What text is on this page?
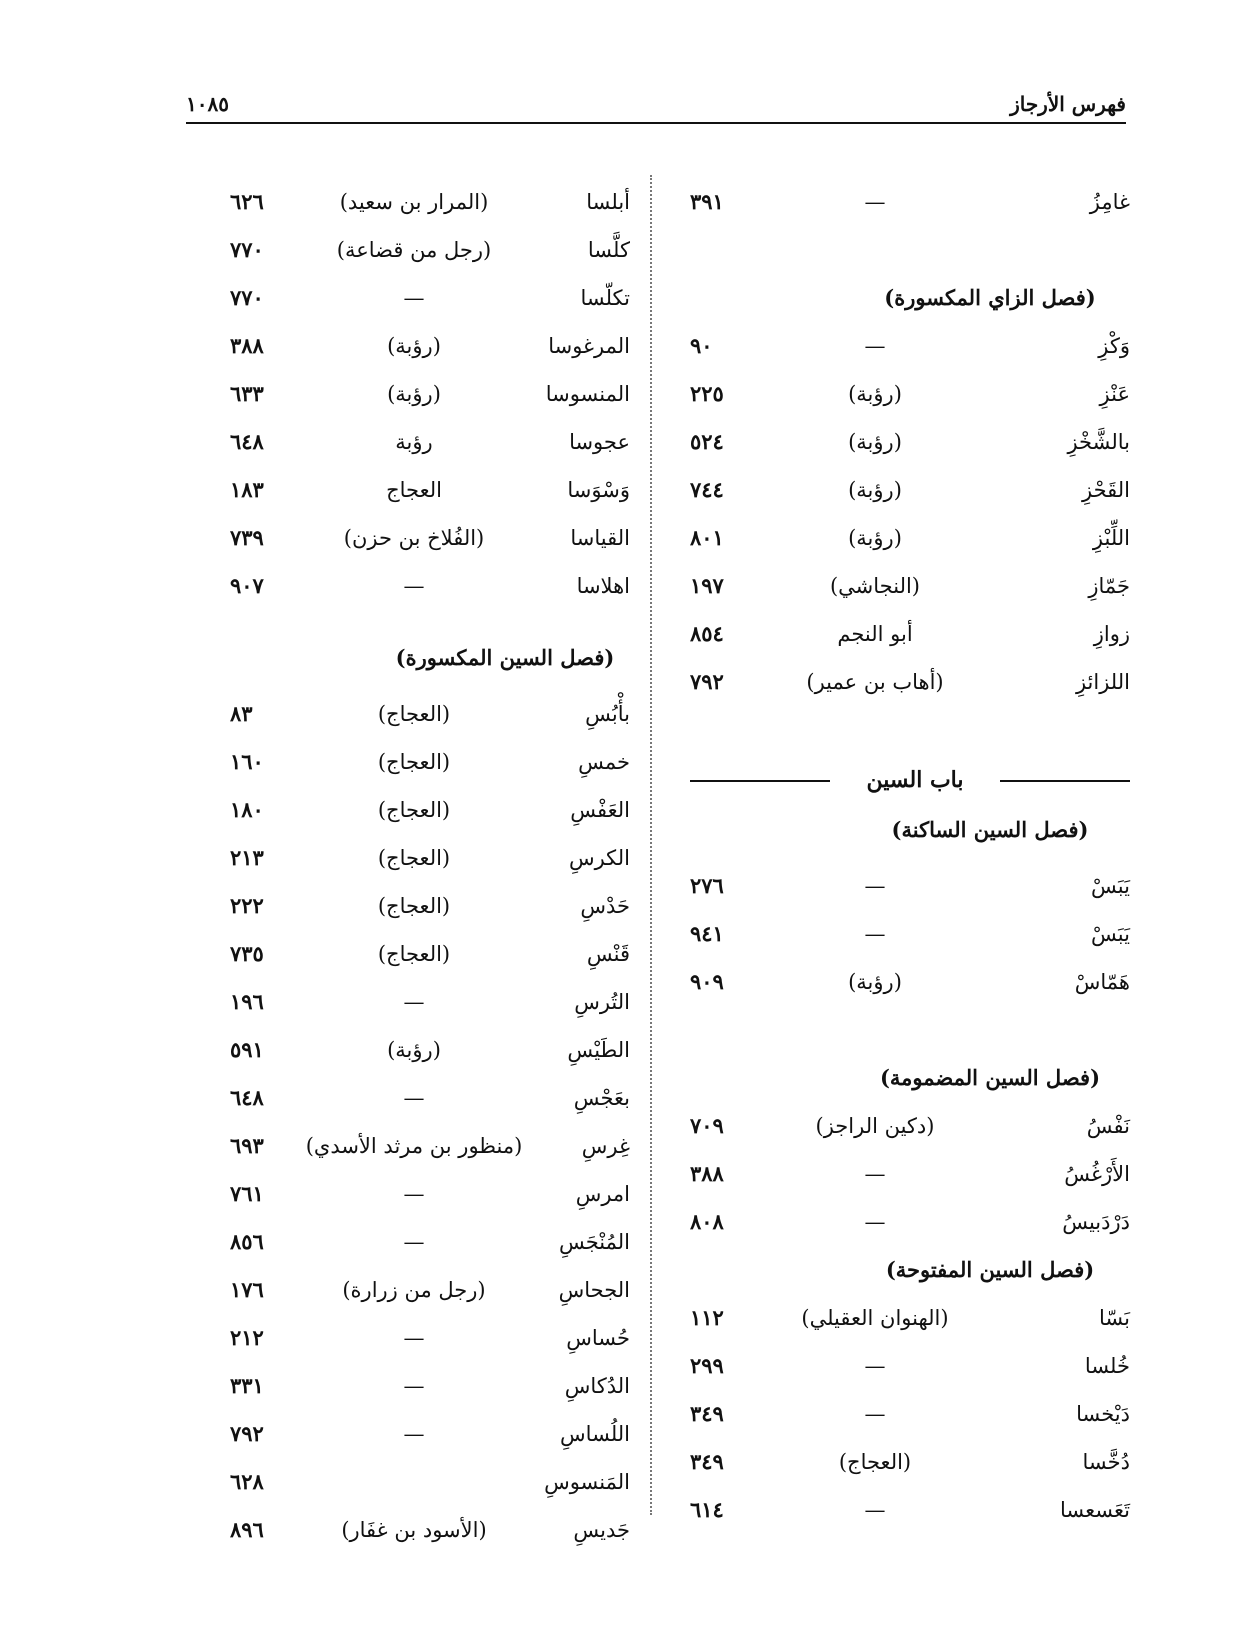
فهرس الأرجاز
١٠٨٥
غامِزُ
—
٣٩١
(فصل الزاي المكسورة)
وَكْزِ
—
٩٠
عَنْزِ
(رؤبة)
٢٢٥
بالشَّخْزِ
(رؤبة)
٥٢٤
القَحْزِ
(رؤبة)
٧٤٤
اللِّبْزِ
(رؤبة)
٨٠١
جَمّازِ
(النجاشي)
١٩٧
زوازِ
أبو النجم
٨٥٤
اللزائزِ
(أهاب بن عمير)
٧٩٢
باب السين
(فصل السين الساكنة)
يَبَسْ
—
٢٧٦
يَبَسْ
—
٩٤١
هَمّاسْ
(رؤبة)
٩٠٩
(فصل السين المضمومة)
نَفْسُ
(دكين الراجز)
٧٠٩
الأَرْغُسُ
—
٣٨٨
دَرْدَبيسُ
—
٨٠٨
(فصل السين المفتوحة)
بَسّا
(الهنوان العقيلي)
١١٢
خُلسا
—
٢٩٩
دَيْخسا
—
٣٤٩
دُخَّسا
(العجاج)
٣٤٩
تَعَسعسا
—
٦١٤
أبلسا
(المرار بن سعيد)
٦٢٦
كلَّسا
(رجل من قضاعة)
٧٧٠
تكلّسا
—
٧٧٠
المرغوسا
(رؤبة)
٣٨٨
المنسوسا
(رؤبة)
٦٣٣
عجوسا
رؤبة
٦٤٨
وَسْوَسا
العجاج
١٨٣
القياسا
(الفُلاخ بن حزن)
٧٣٩
اهلاسا
—
٩٠٧
(فصل السين المكسورة)
بأْبُسِ
(العجاج)
٨٣
خمسِ
(العجاج)
١٦٠
العَفْسِ
(العجاج)
١٨٠
الكرسِ
(العجاج)
٢١٣
حَدْسِ
(العجاج)
٢٢٢
قَنْسِ
(العجاج)
٧٣٥
التُرسِ
—
١٩٦
الطَيْسِ
(رؤبة)
٥٩١
بعَجْسِ
—
٦٤٨
غِرسِ
(منظور بن مرثد الأسدي)
٦٩٣
امرسِ
—
٧٦١
المُنْجَسِ
—
٨٥٦
الجحاسِ
(رجل من زرارة)
١٧٦
حُساسِ
—
٢١٢
الدُكاسِ
—
٣٣١
اللُساسِ
—
٧٩٢
المَنسوسِ
٦٢٨
جَديسِ
(الأسود بن غفَار)
٨٩٦
